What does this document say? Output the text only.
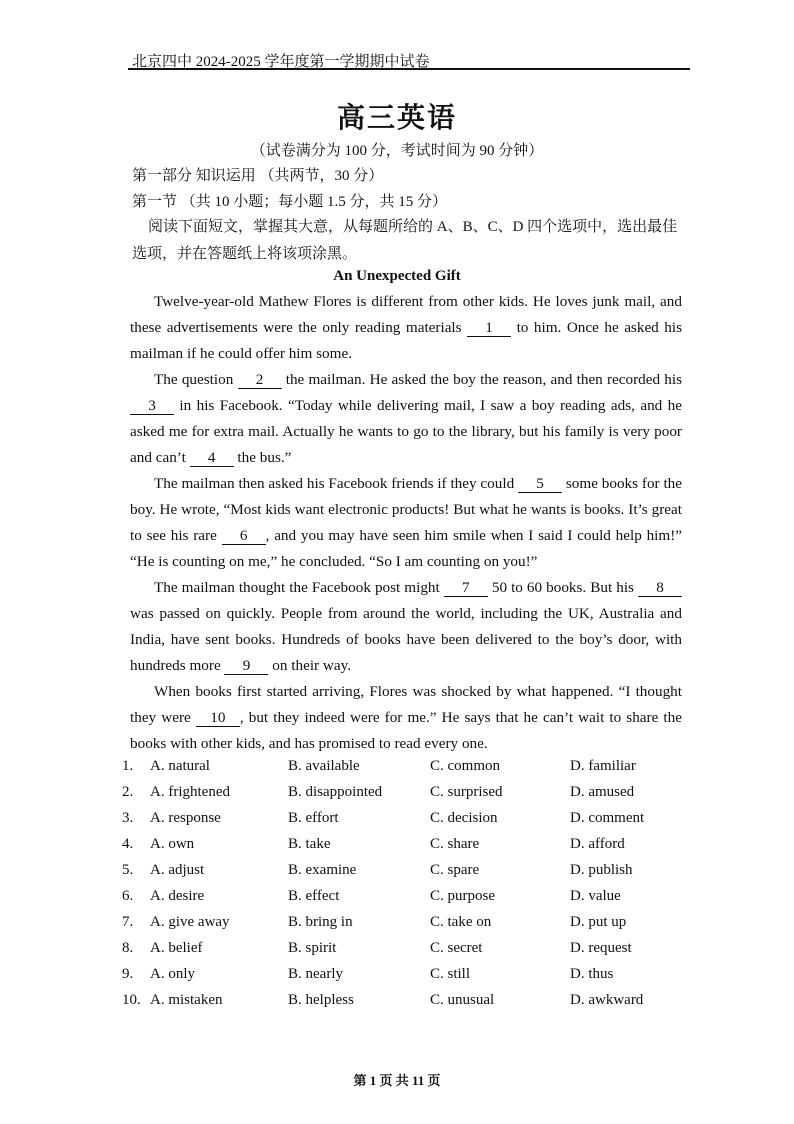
北京四中 2024-2025 学年度第一学期期中试卷
高三英语
（试卷满分为 100 分，考试时间为 90 分钟）
第一部分 知识运用 （共两节，30 分）
第一节 （共 10 小题；每小题 1.5 分，共 15 分）
阅读下面短文，掌握其大意，从每题所给的 A、B、C、D 四个选项中，选出最佳选项，并在答题纸上将该项涂黑。
An Unexpected Gift

Twelve-year-old Mathew Flores is different from other kids. He loves junk mail, and these advertisements were the only reading materials 1 to him. Once he asked his mailman if he could offer him some.

The question 2 the mailman. He asked the boy the reason, and then recorded his 3 in his Facebook. “Today while delivering mail, I saw a boy reading ads, and he asked me for extra mail. Actually he wants to go to the library, but his family is very poor and can’t 4 the bus.”

The mailman then asked his Facebook friends if they could 5 some books for the boy. He wrote, “Most kids want electronic products! But what he wants is books. It’s great to see his rare 6 , and you may have seen him smile when I said I could help him!” “He is counting on me,” he concluded. “So I am counting on you!”

The mailman thought the Facebook post might 7 50 to 60 books. But his 8 was passed on quickly. People from around the world, including the UK, Australia and India, have sent books. Hundreds of books have been delivered to the boy’s door, with hundreds more 9 on their way.

When books first started arriving, Flores was shocked by what happened. “I thought they were 10 , but they indeed were for me.” He says that he can’t wait to share the books with other kids, and has promised to read every one.

1. A. natural	B. available	C. common	D. familiar
2. A. frightened	B. disappointed	C. surprised	D. amused
3. A. response	B. effort	C. decision	D. comment
4. A. own	B. take	C. share	D. afford
5. A. adjust	B. examine	C. spare	D. publish
6. A. desire	B. effect	C. purpose	D. value
7. A. give away	B. bring in	C. take on	D. put up
8. A. belief	B. spirit	C. secret	D. request
9. A. only	B. nearly	C. still	D. thus
10. A. mistaken	B. helpless	C. unusual	D. awkward
第 1 页 共 11 页
